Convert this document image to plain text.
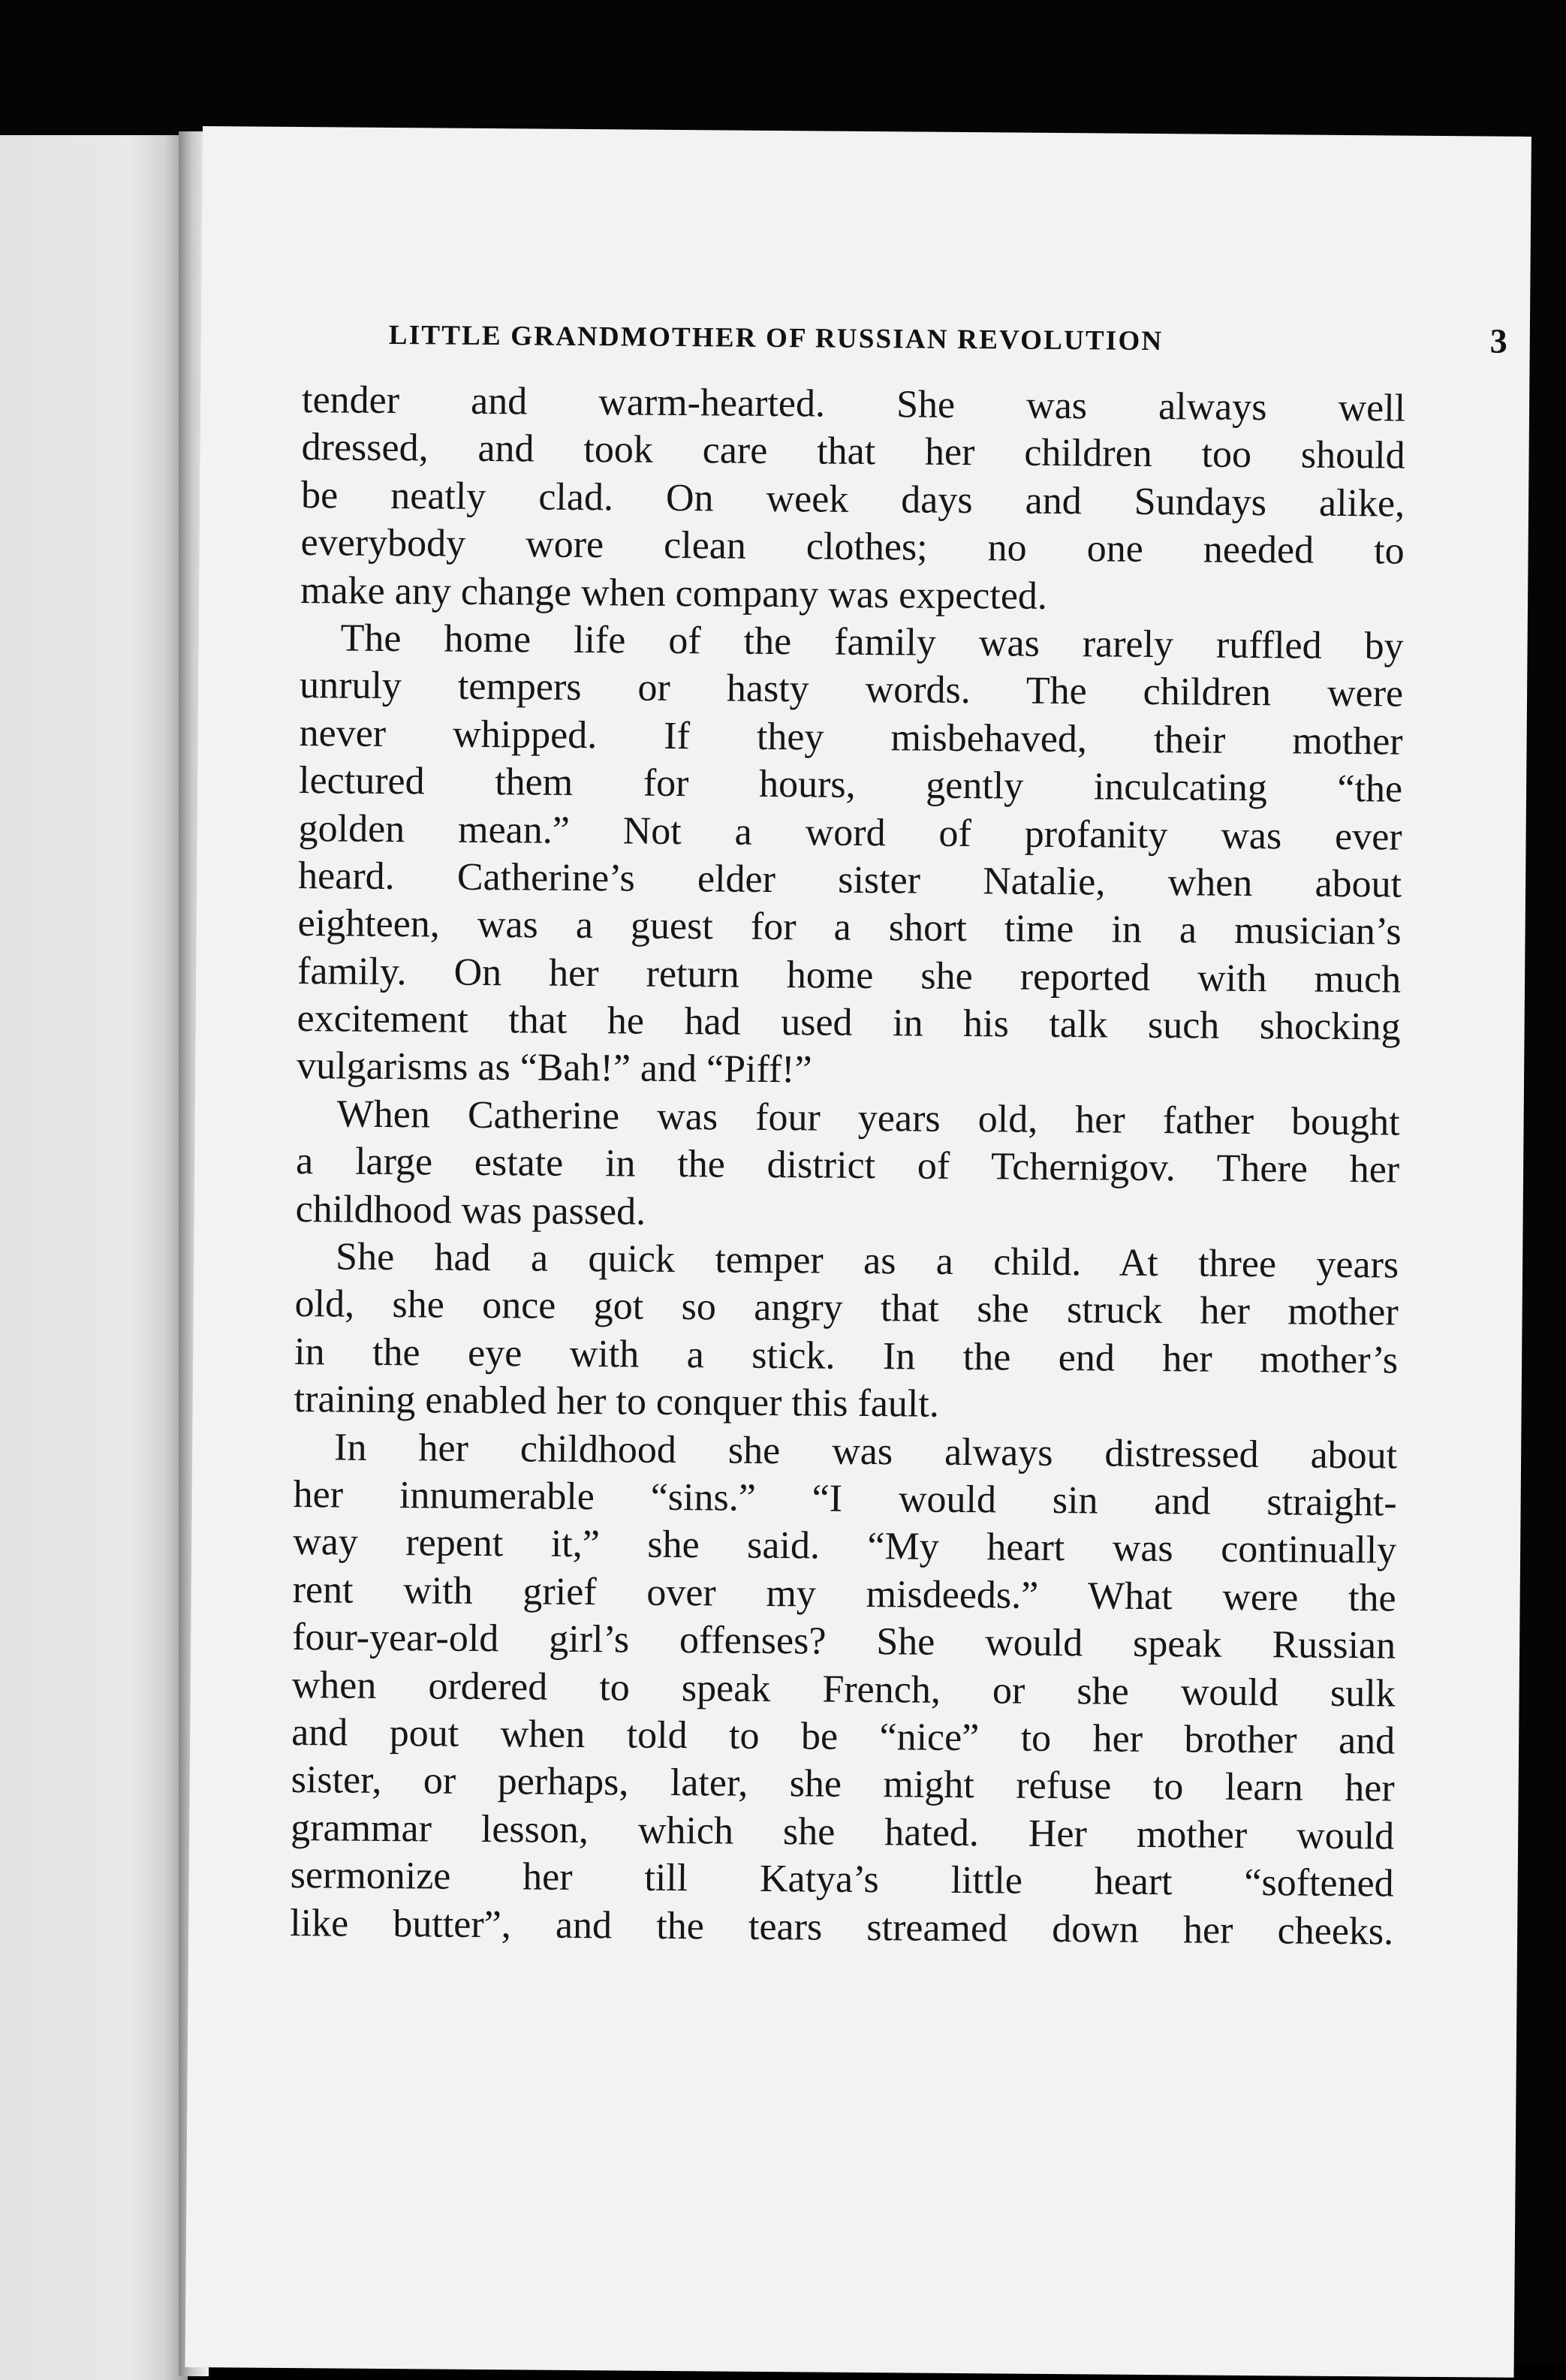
LITTLE GRANDMOTHER OF RUSSIAN REVOLUTION	3
tender and warm-hearted. She was always well
dressed, and took care that her children too should
be neatly clad. On week days and Sundays alike,
everybody wore clean clothes; no one needed to
make any change when company was expected.
The home life of the family was rarely ruffled by
unruly tempers or hasty words. The children were
never whipped. If they misbehaved, their mother
lectured them for hours, gently inculcating “the
golden mean.” Not a word of profanity was ever
heard. Catherine’s elder sister Natalie, when about
eighteen, was a guest for a short time in a musician’s
family. On her return home she reported with much
excitement that he had used in his talk such shocking
vulgarisms as “Bah!” and “Piff!”
When Catherine was four years old, her father bought
a large estate in the district of Tchernigov. There her
childhood was passed.
She had a quick temper as a child. At three years
old, she once got so angry that she struck her mother
in the eye with a stick. In the end her mother’s
training enabled her to conquer this fault.
In her childhood she was always distressed about
her innumerable “sins.” “I would sin and straight-
way repent it,” she said. “My heart was continually
rent with grief over my misdeeds.” What were the
four-year-old girl’s offenses? She would speak Russian
when ordered to speak French, or she would sulk
and pout when told to be “nice” to her brother and
sister, or perhaps, later, she might refuse to learn her
grammar lesson, which she hated. Her mother would
sermonize her till Katya’s little heart “softened
like butter”, and the tears streamed down her cheeks.
